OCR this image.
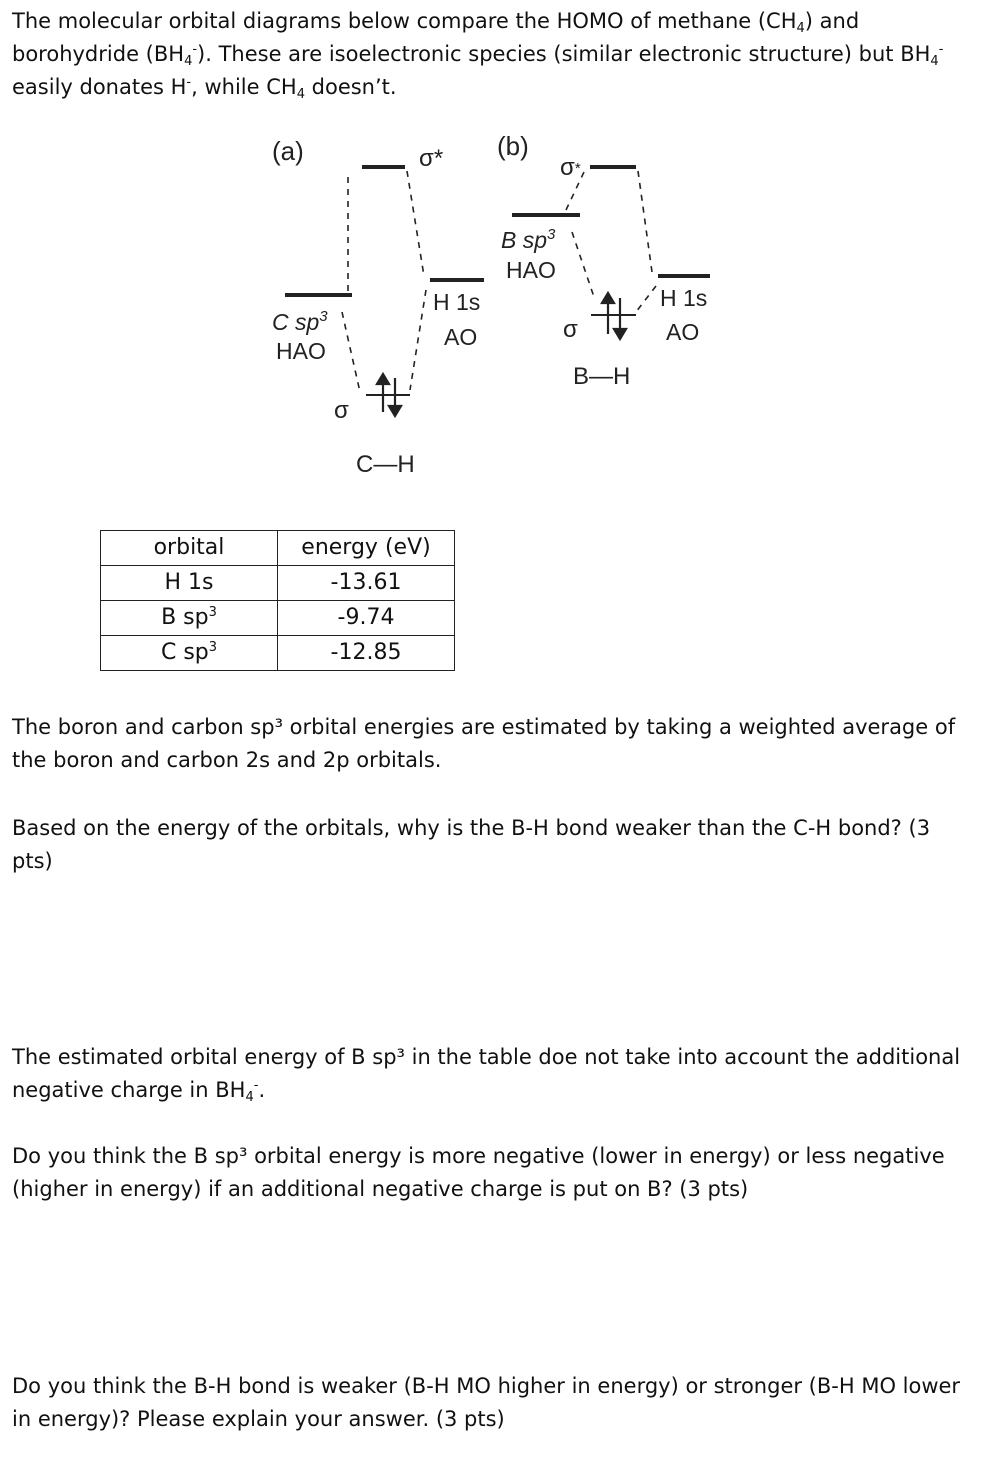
The molecular orbital diagrams below compare the HOMO of methane $(CH_4)$ and borohydride $(BH_4^-)$. These are isoelectronic species (similar electronic structure) but $BH_4^-$ easily donates H-, while $CH_4$ doesn’t.

(a)	σ*
σ
C—H
C $sp^3$
HAO
H 1s
AO
(b)
σ*
σ
B—H
B $sp^3$
HAO
H 1s
AO
orbital	energy (eV)
H 1s	-13.61
B $sp^3$	-9.74
C $sp^3$	-12.85

The boron and carbon sp³ orbital energies are estimated by taking a weighted average of the boron and carbon 2s and 2p orbitals.

Based on the energy of the orbitals, why is the B-H bond weaker than the C-H bond? (3 pts)

The estimated orbital energy of B sp³ in the table doe not take into account the additional negative charge in $BH_4^-$.

Do you think the B sp³ orbital energy is more negative (lower in energy) or less negative (higher in energy) if an additional negative charge is put on B? (3 pts)

Do you think the B-H bond is weaker (B-H MO higher in energy) or stronger (B-H MO lower in energy)? Please explain your answer. (3 pts)
